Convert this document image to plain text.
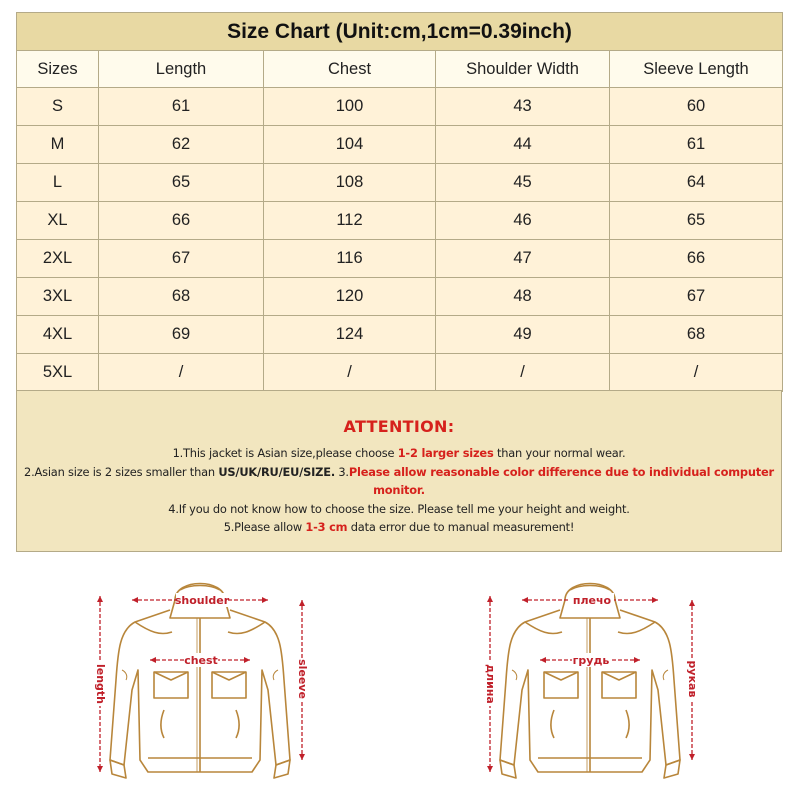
Size Chart (Unit:cm,1cm=0.39inch)				
Sizes	Length	Chest	Shoulder Width	Sleeve Length
S	61	100	43	60
M	62	104	44	61
L	65	108	45	64
XL	66	112	46	65
2XL	67	116	47	66
3XL	68	120	48	67
4XL	69	124	49	68
5XL	/	/	/	/
ATTENTION:
1.This jacket is Asian size,please choose 1-2 larger sizes than your normal wear.
2.Asian size is 2 sizes smaller than US/UK/RU/EU/SIZE. 3.Please allow reasonable color difference due to individual computer monitor.
4.If you do not know how to choose the size. Please tell me your height and weight.
5.Please allow 1-3 cm data error due to manual measurement!
shoulder
chest
length	sleeve
плечо
грудь
длина	рукав
